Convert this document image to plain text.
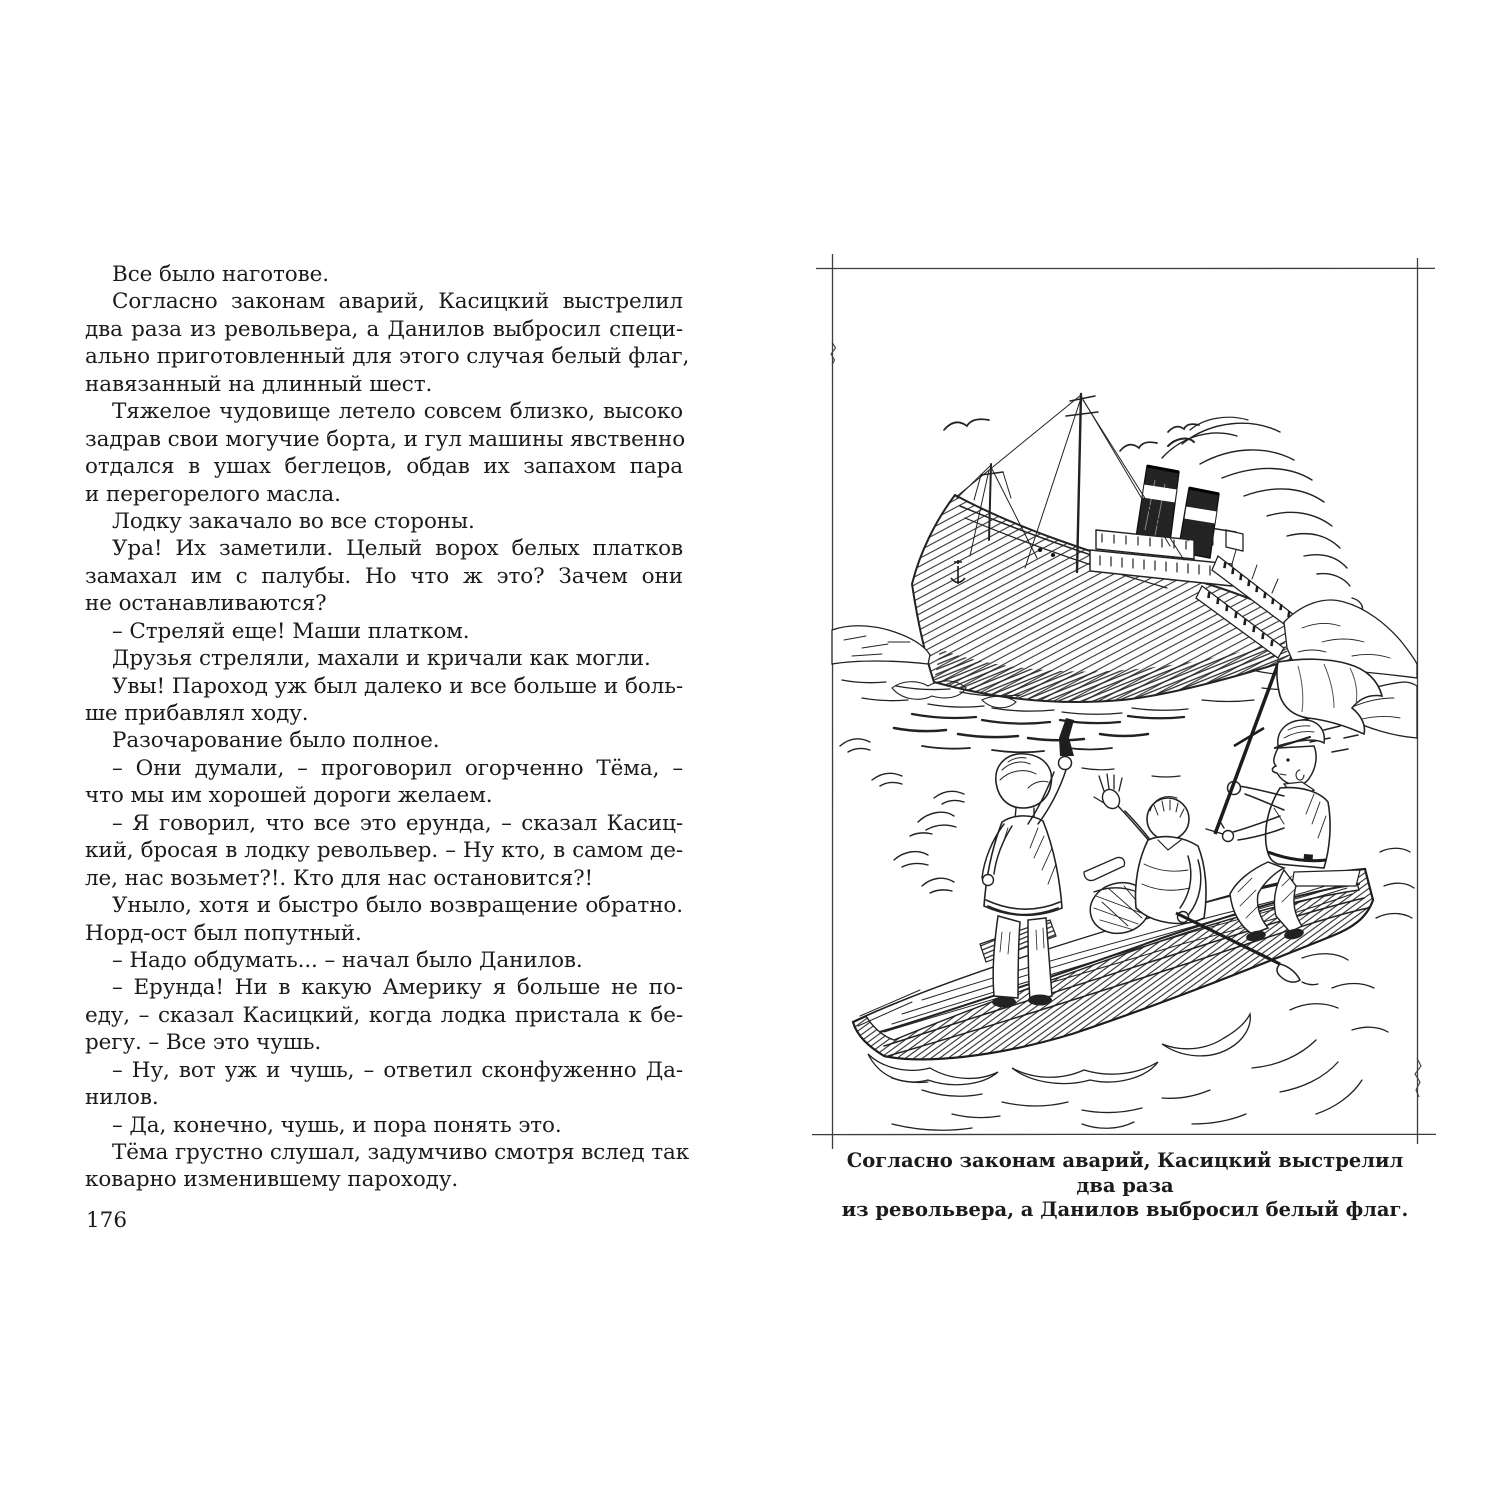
Все было наготове.
Согласно законам аварий, Касицкий выстрелил
два раза из револьвера, а Данилов выбросил специ-
ально приготовленный для этого случая белый флаг,
навязанный на длинный шест.
Тяжелое чудовище летело совсем близко, высоко
задрав свои могучие борта, и гул машины явственно
отдался в ушах беглецов, обдав их запахом пара
и перегорелого масла.
Лодку закачало во все стороны.
Ура! Их заметили. Целый ворох белых платков
замахал им с палубы. Но что ж это? Зачем они
не останавливаются?
– Стреляй еще! Маши платком.
Друзья стреляли, махали и кричали как могли.
Увы! Пароход уж был далеко и все больше и боль-
ше прибавлял ходу.
Разочарование было полное.
– Они думали, – проговорил огорченно Тёма, –
что мы им хорошей дороги желаем.
– Я говорил, что все это ерунда, – сказал Касиц-
кий, бросая в лодку револьвер. – Ну кто, в самом де-
ле, нас возьмет?!. Кто для нас остановится?!
Уныло, хотя и быстро было возвращение обратно.
Норд-ост был попутный.
– Надо обдумать... – начал было Данилов.
– Ерунда! Ни в какую Америку я больше не по-
еду, – сказал Касицкий, когда лодка пристала к бе-
регу. – Все это чушь.
– Ну, вот уж и чушь, – ответил сконфуженно Да-
нилов.
– Да, конечно, чушь, и пора понять это.
Тёма грустно слушал, задумчиво смотря вслед так
коварно изменившему пароходу.
176
Согласно законам аварий, Касицкий выстрелил два раза
из револьвера, а Данилов выбросил белый флаг.
